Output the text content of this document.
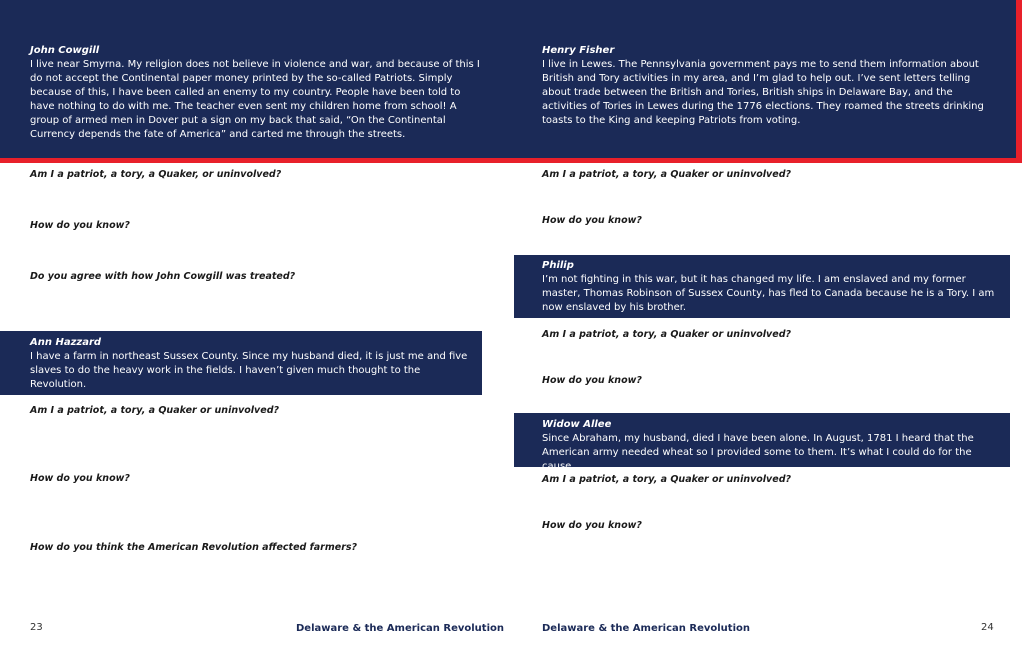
John Cowgill
I live near Smyrna. My religion does not believe in violence and war, and because of this I do not accept the Continental paper money printed by the so-called Patriots. Simply because of this, I have been called an enemy to my country. People have been told to have nothing to do with me. The teacher even sent my children home from school! A group of armed men in Dover put a sign on my back that said, “On the Continental Currency depends the fate of America” and carted me through the streets.
Am I a patriot, a tory, a Quaker, or uninvolved?
How do you know?
Do you agree with how John Cowgill was treated?
Ann Hazzard
I have a farm in northeast Sussex County. Since my husband died, it is just me and five slaves to do the heavy work in the fields. I haven’t given much thought to the Revolution.
Am I a patriot, a tory, a Quaker or uninvolved?
How do you know?
How do you think the American Revolution affected farmers?
23	Delaware & the American Revolution
Henry Fisher
I live in Lewes. The Pennsylvania government pays me to send them information about British and Tory activities in my area, and I’m glad to help out. I’ve sent letters telling about trade between the British and Tories, British ships in Delaware Bay, and the activities of Tories in Lewes during the 1776 elections. They roamed the streets drinking toasts to the King and keeping Patriots from voting.
Am I a patriot, a tory, a Quaker or uninvolved?
How do you know?
Philip
I’m not fighting in this war, but it has changed my life. I am enslaved and my former master, Thomas Robinson of Sussex County, has fled to Canada because he is a Tory. I am now enslaved by his brother.
Am I a patriot, a tory, a Quaker or uninvolved?
How do you know?
Widow Allee
Since Abraham, my husband, died I have been alone. In August, 1781 I heard that the American army needed wheat so I provided some to them. It’s what I could do for the cause.
Am I a patriot, a tory, a Quaker or uninvolved?
How do you know?
Delaware & the American Revolution	24
